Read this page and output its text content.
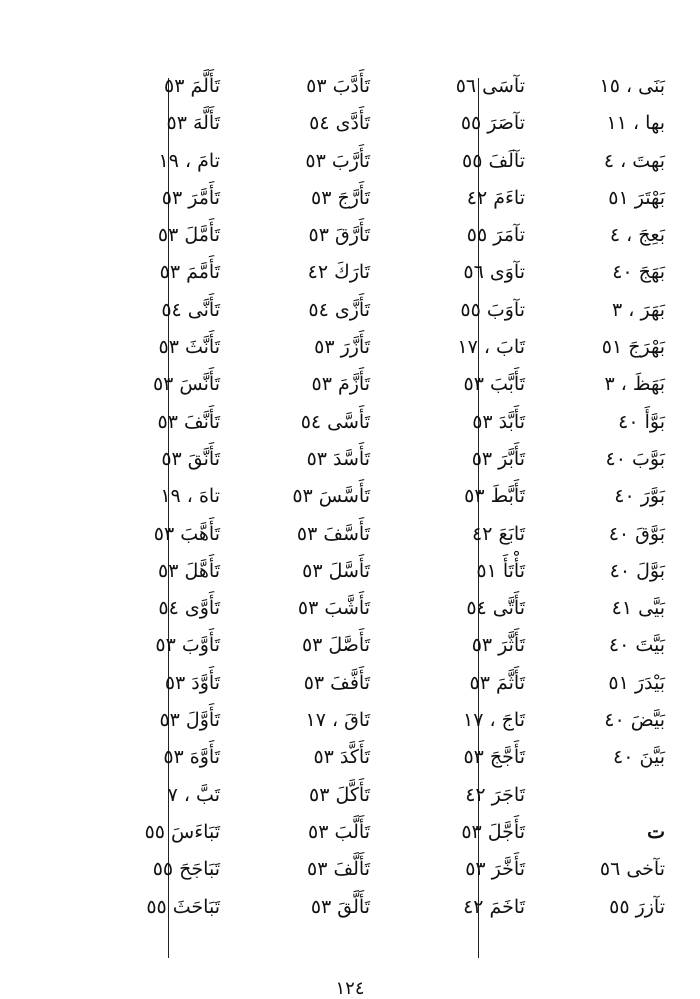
بَنَى ، ١٥
بها ، ١١
بَهتَ ، ٤
بَهْتَرَ ٥١
بَعِجَ ، ٤
بَهَجَ ٤٠
بَهَرَ ، ٣
بَهْرَجَ ٥١
بَهَظَ ، ٣
بَوَّأَ ٤٠
بَوَّبَ ٤٠
بَوَّرَ ٤٠
بَوَّقَ ٤٠
بَوَّلَ ٤٠
بَيَّى ٤١
بَيَّتَ ٤٠
بَيْدَرَ ٥١
بَيَّضَ ٤٠
بَيَّنَ ٤٠
ت
تآخى ٥٦
تآزرَ ٥٥
تآسَى ٥٦
تآصَرَ ٥٥
تآلَفَ ٥٥
تاءَمَ ٤٢
تآمَرَ ٥٥
تآوَى ٥٦
تآوَبَ ٥٥
تَابَ ، ١٧
تَأَبَّبَ ٥٣
تَأَبَّدَ ٥٣
تَأَبَّرَ ٥٣
تَأَبَّطَ ٥٣
تَابَعَ ٤٢
تَأْتَأَ ٥١
تَأَتَّى ٥٤
تَأَثَّرَ ٥٣
تَأَثَّمَ ٥٣
تَاجَ ، ١٧
تَأَجَّجَ ٥٣
تَاجَرَ ٤٢
تَأَجَّلَ ٥٣
تَأَخَّرَ ٥٣
تَاخَمَ ٤٢
تَأَدَّبَ ٥٣
تَأَدَّى ٥٤
تَأَرَّبَ ٥٣
تَأَرَّجَ ٥٣
تَأَرَّقَ ٥٣
تَارَكَ ٤٢
تَأَزَّى ٥٤
تَأَزَّرَ ٥٣
تَأَزَّمَ ٥٣
تَأَسَّى ٥٤
تَأَسَّدَ ٥٣
تَأَسَّسَ ٥٣
تَأَسَّفَ ٥٣
تَأَسَّلَ ٥٣
تَأَشَّبَ ٥٣
تَأَصَّلَ ٥٣
تَأَفَّفَ ٥٣
تَاقَ ، ١٧
تَأَكَّدَ ٥٣
تَأَكَّلَ ٥٣
تَأَلَّبَ ٥٣
تَأَلَّفَ ٥٣
تَأَلَّقَ ٥٣
تَأَلَّمَ ٥٣
تَأَلَّهَ ٥٣
تامَ ، ١٩
تَأَمَّرَ ٥٣
تَأَمَّلَ ٥٣
تَأَمَّمَ ٥٣
تَأَنَّى ٥٤
تَأَنَّثَ ٥٣
تَأَنَّسَ ٥٣
تَأَنَّفَ ٥٣
تَأَنَّقَ ٥٣
تاهَ ، ١٩
تَأَهَّبَ ٥٣
تَأَهَّلَ ٥٣
تَأَوَّى ٥٤
تَأَوَّبَ ٥٣
تَأَوَّدَ ٥٣
تَأَوَّلَ ٥٣
تَأَوَّهَ ٥٣
تَبَّ ، ٧
تَبَاءَسَ ٥٥
تَبَاجَحَ ٥٥
تَبَاحَثَ ٥٥
١٢٤
